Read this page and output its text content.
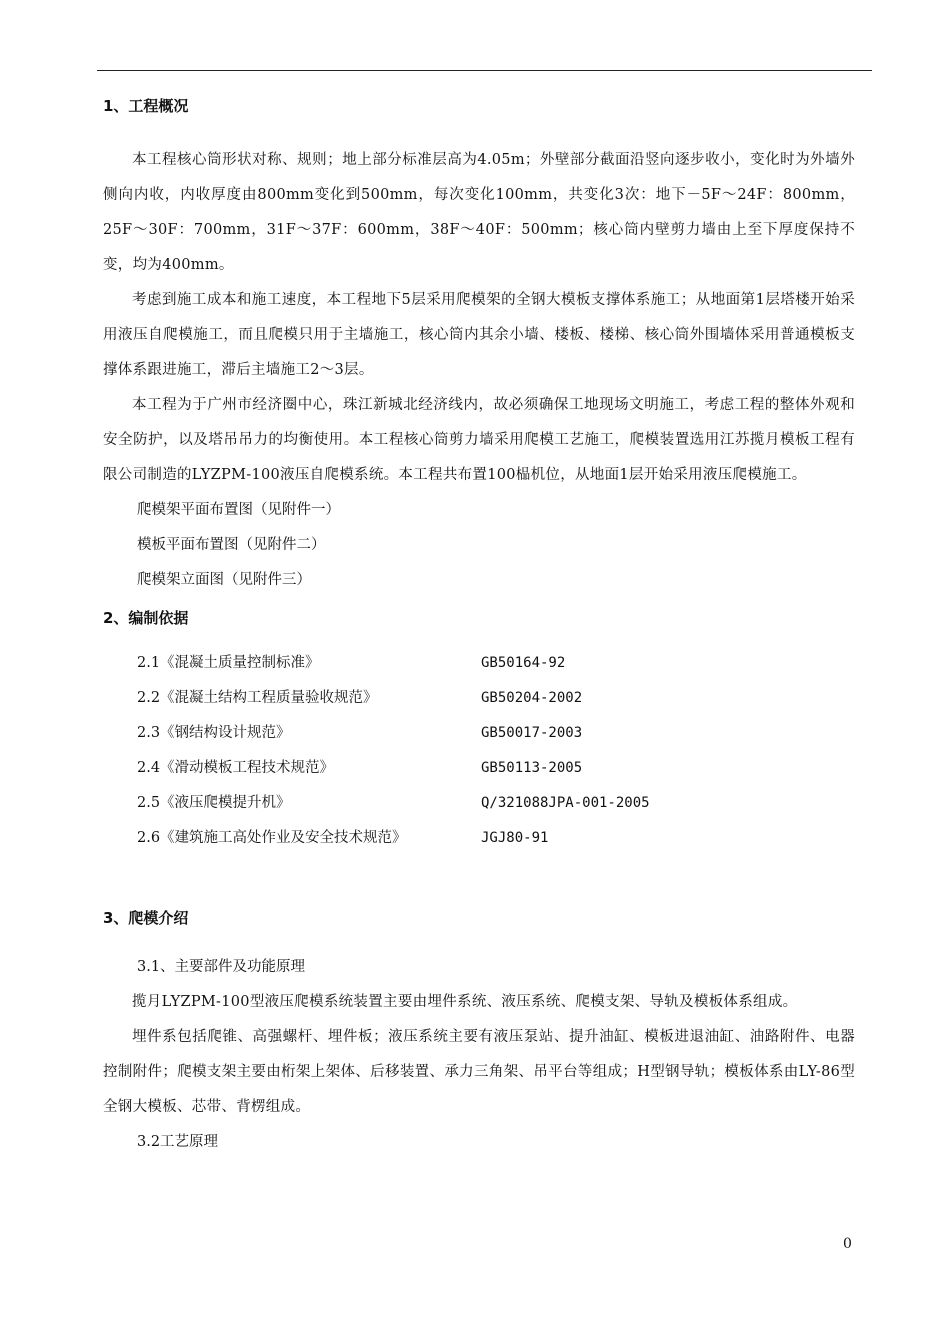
1、工程概况

本工程核心筒形状对称、规则；地上部分标准层高为4.05m；外壁部分截面沿竖向逐步收小，变化时为外墙外侧向内收，内收厚度由800mm变化到500mm，每次变化100mm，共变化3次：地下－5F～24F：800mm，25F～30F：700mm，31F～37F：600mm，38F～40F：500mm；核心筒内壁剪力墙由上至下厚度保持不变，均为400mm。

考虑到施工成本和施工速度，本工程地下5层采用爬模架的全钢大模板支撑体系施工；从地面第1层塔楼开始采用液压自爬模施工，而且爬模只用于主墙施工，核心筒内其余小墙、楼板、楼梯、核心筒外围墙体采用普通模板支撑体系跟进施工，滞后主墙施工2～3层。

本工程为于广州市经济圈中心，珠江新城北经济线内，故必须确保工地现场文明施工，考虑工程的整体外观和安全防护，以及塔吊吊力的均衡使用。本工程核心筒剪力墙采用爬模工艺施工，爬模装置选用江苏揽月模板工程有限公司制造的LYZPM-100液压自爬模系统。本工程共布置100榀机位，从地面1层开始采用液压爬模施工。

爬模架平面布置图（见附件一）

模板平面布置图（见附件二）

爬模架立面图（见附件三）

2、编制依据
2.1《混凝土质量控制标准》	GB50164-92
2.2《混凝土结构工程质量验收规范》	GB50204-2002
2.3《钢结构设计规范》	GB50017-2003
2.4《滑动模板工程技术规范》	GB50113-2005
2.5《液压爬模提升机》	Q/321088JPA-001-2005
2.6《建筑施工高处作业及安全技术规范》	JGJ80-91
3、爬模介绍

3.1、主要部件及功能原理

揽月LYZPM-100型液压爬模系统装置主要由埋件系统、液压系统、爬模支架、导轨及模板体系组成。

埋件系包括爬锥、高强螺杆、埋件板；液压系统主要有液压泵站、提升油缸、模板进退油缸、油路附件、电器控制附件；爬模支架主要由桁架上架体、后移装置、承力三角架、吊平台等组成；H型钢导轨；模板体系由LY-86型全钢大模板、芯带、背楞组成。

3.2工艺原理

0
